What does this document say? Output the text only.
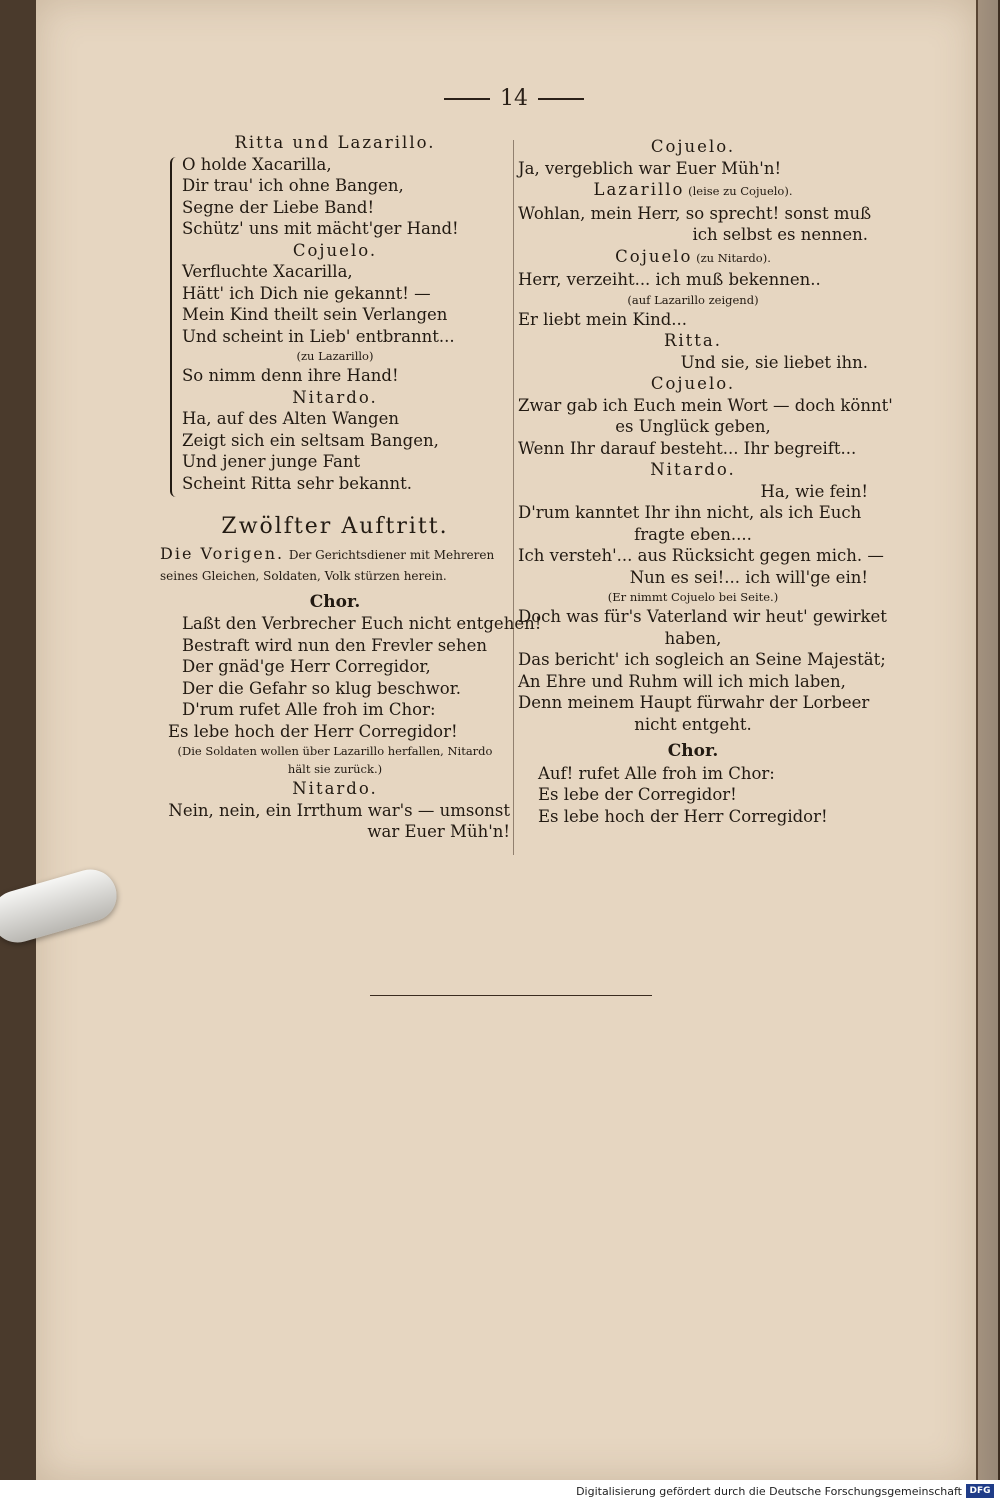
14
Ritta und Lazarillo.
O holde Xacarilla,
Dir trau' ich ohne Bangen,
Segne der Liebe Band!
Schütz' uns mit mächt'ger Hand!
Cojuelo.
Verfluchte Xacarilla,
Hätt' ich Dich nie gekannt! —
Mein Kind theilt sein Verlangen
Und scheint in Lieb' entbrannt...
(zu Lazarillo)
So nimm denn ihre Hand!
Nitardo.
Ha, auf des Alten Wangen
Zeigt sich ein seltsam Bangen,
Und jener junge Fant
Scheint Ritta sehr bekannt.
Zwölfter Auftritt.
Die Vorigen. Der Gerichtsdiener mit Mehreren seines Gleichen, Soldaten, Volk stürzen herein.
Chor.
Laßt den Verbrecher Euch nicht entgehen!
Bestraft wird nun den Frevler sehen
Der gnäd'ge Herr Corregidor,
Der die Gefahr so klug beschwor.
D'rum rufet Alle froh im Chor:
Es lebe hoch der Herr Corregidor!
(Die Soldaten wollen über Lazarillo herfallen, Nitardo
hält sie zurück.)
Nitardo.
Nein, nein, ein Irrthum war's — umsonst
war Euer Müh'n!
Cojuelo.
Ja, vergeblich war Euer Müh'n!
Lazarillo (leise zu Cojuelo).
Wohlan, mein Herr, so sprecht! sonst muß
ich selbst es nennen.
Cojuelo (zu Nitardo).
Herr, verzeiht... ich muß bekennen..
(auf Lazarillo zeigend)
Er liebt mein Kind...
Ritta.
Und sie, sie liebet ihn.
Cojuelo.
Zwar gab ich Euch mein Wort — doch könnt'
es Unglück geben,
Wenn Ihr darauf besteht... Ihr begreift...
Nitardo.
Ha, wie fein!
D'rum kanntet Ihr ihn nicht, als ich Euch
fragte eben....
Ich versteh'... aus Rücksicht gegen mich. —
Nun es sei!... ich will'ge ein!
(Er nimmt Cojuelo bei Seite.)
Doch was für's Vaterland wir heut' gewirket
haben,
Das bericht' ich sogleich an Seine Majestät;
An Ehre und Ruhm will ich mich laben,
Denn meinem Haupt fürwahr der Lorbeer
nicht entgeht.
Chor.
Auf! rufet Alle froh im Chor:
Es lebe der Corregidor!
Es lebe hoch der Herr Corregidor!
Digitalisierung gefördert durch die Deutsche Forschungsgemeinschaft DFG
